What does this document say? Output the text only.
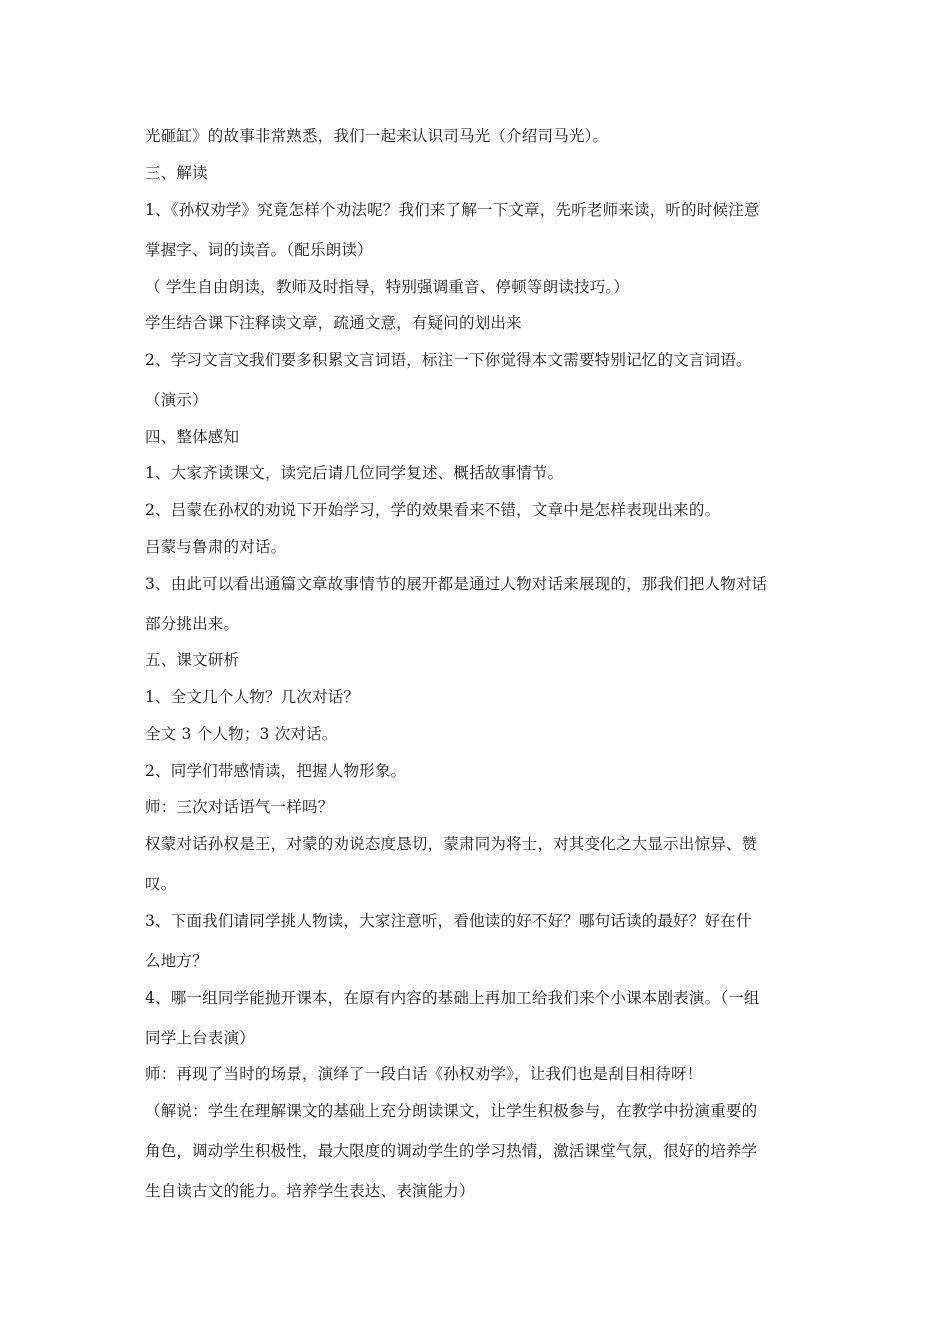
光砸缸》的故事非常熟悉，我们一起来认识司马光（介绍司马光）。
三、解读
1、《孙权劝学》究竟怎样个劝法呢？我们来了解一下文章，先听老师来读，听的时候注意
掌握字、词的读音。（配乐朗读）
（ 学生自由朗读，教师及时指导，特别强调重音、停顿等朗读技巧。）
学生结合课下注释读文章，疏通文意，有疑问的划出来
2、学习文言文我们要多积累文言词语，标注一下你觉得本文需要特别记忆的文言词语。
（演示）
四、整体感知
1、大家齐读课文，读完后请几位同学复述、概括故事情节。
2、吕蒙在孙权的劝说下开始学习，学的效果看来不错，文章中是怎样表现出来的。
吕蒙与鲁肃的对话。
3、由此可以看出通篇文章故事情节的展开都是通过人物对话来展现的，那我们把人物对话
部分挑出来。
五、课文研析
1、全文几个人物？几次对话？
全文 3 个人物；3 次对话。
2、同学们带感情读，把握人物形象。
师：三次对话语气一样吗？
权蒙对话孙权是王，对蒙的劝说态度恳切，蒙肃同为将士，对其变化之大显示出惊异、赞
叹。
3、下面我们请同学挑人物读，大家注意听，看他读的好不好？哪句话读的最好？好在什
么地方？
4、哪一组同学能抛开课本，在原有内容的基础上再加工给我们来个小课本剧表演。（一组
同学上台表演）
师：再现了当时的场景，演绎了一段白话《孙权劝学》，让我们也是刮目相待呀！
（解说：学生在理解课文的基础上充分朗读课文，让学生积极参与，在教学中扮演重要的
角色，调动学生积极性，最大限度的调动学生的学习热情，激活课堂气氛，很好的培养学
生自读古文的能力。培养学生表达、表演能力）
